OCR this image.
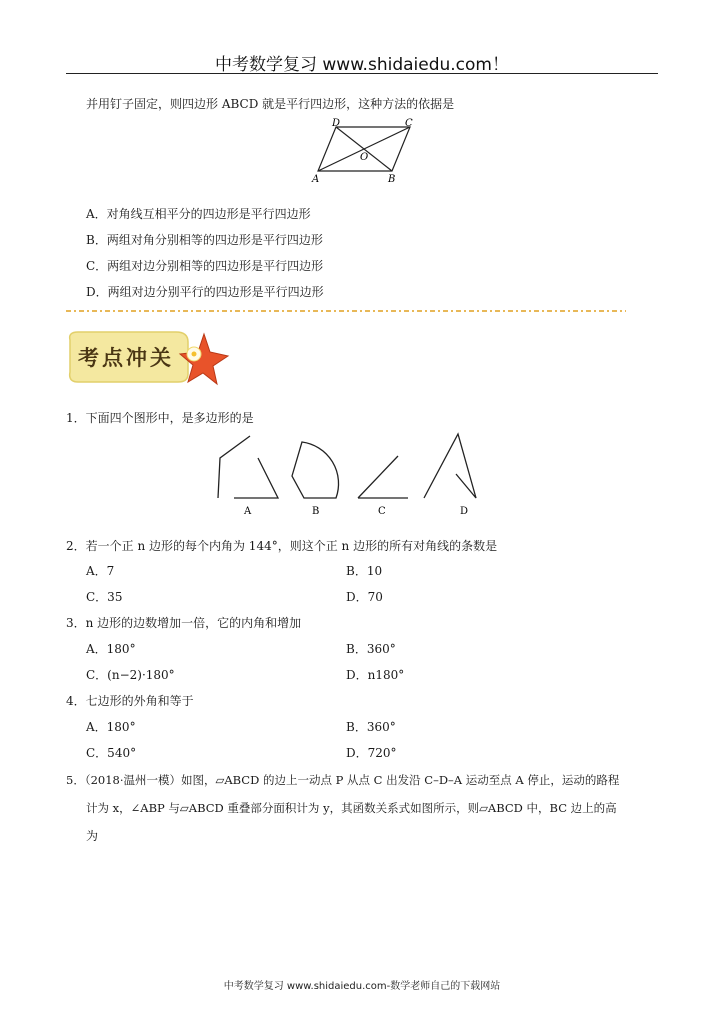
中考数学复习 www.shidaiedu.com！
并用钉子固定，则四边形 ABCD 就是平行四边形，这种方法的依据是
D	C
A	B
O
A．对角线互相平分的四边形是平行四边形
B．两组对角分别相等的四边形是平行四边形
C．两组对边分别相等的四边形是平行四边形
D．两组对边分别平行的四边形是平行四边形
考点冲关
1．下面四个图形中，是多边形的是
A	B	C	D
2．若一个正 n 边形的每个内角为 144°，则这个正 n 边形的所有对角线的条数是
A．7	B．10
C．35	D．70
3．n 边形的边数增加一倍，它的内角和增加
A．180°	B．360°
C．(n−2)·180°	D．n180°
4．七边形的外角和等于
A．180°	B．360°
C．540°	D．720°
5．（2018·温州一模）如图，▱ABCD 的边上一动点 P 从点 C 出发沿 C–D–A 运动至点 A 停止，运动的路程
计为 x，∠ABP 与▱ABCD 重叠部分面积计为 y，其函数关系式如图所示，则▱ABCD 中，BC 边上的高
为
中考数学复习 www.shidaiedu.com-数学老师自己的下载网站
